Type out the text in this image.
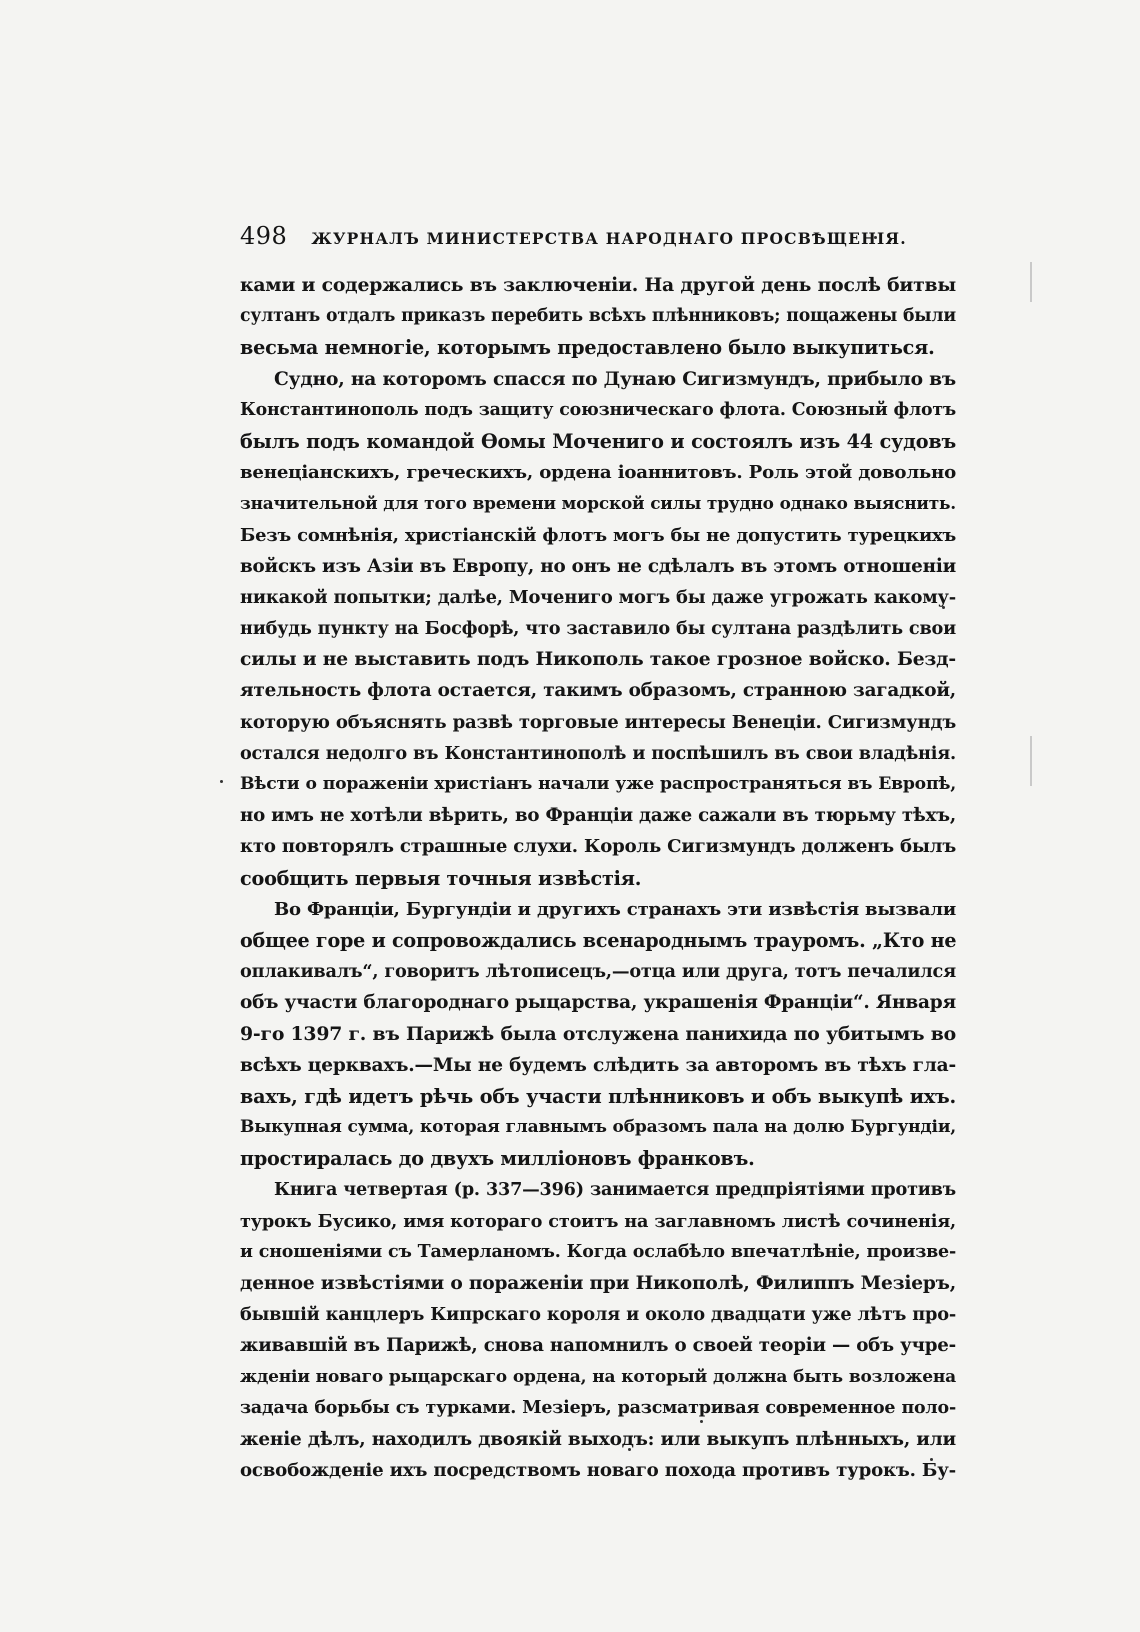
498 ЖУРНАЛЪ МИНИСТЕРСТВА НАРОДНАГО ПРОСВѢЩЕНІЯ.
ками и содержались въ заключеніи. На другой день послѣ битвы
султанъ отдалъ приказъ перебить всѣхъ плѣнниковъ; пощажены были
весьма немногіе, которымъ предоставлено было выкупиться.
Судно, на которомъ спасся по Дунаю Сигизмундъ, прибыло въ
Константинополь подъ защиту союзническаго флота. Союзный флотъ
былъ подъ командой Ѳомы Мочениго и состоялъ изъ 44 судовъ
венеціанскихъ, греческихъ, ордена іоаннитовъ. Роль этой довольно
значительной для того времени морской силы трудно однако выяснить.
Безъ сомнѣнія, христіанскій флотъ могъ бы не допустить турецкихъ
войскъ изъ Азіи въ Европу, но онъ не сдѣлалъ въ этомъ отношеніи
никакой попытки; далѣе, Мочениго могъ бы даже угрожать какому-
нибудь пункту на Босфорѣ, что заставило бы султана раздѣлить свои
силы и не выставить подъ Никополь такое грозное войско. Безд-
ятельность флота остается, такимъ образомъ, странною загадкой,
которую объяснять развѣ торговые интересы Венеціи. Сигизмундъ
остался недолго въ Константинополѣ и поспѣшилъ въ свои владѣнія.
Вѣсти о пораженіи христіанъ начали уже распространяться въ Европѣ,
но имъ не хотѣли вѣрить, во Франціи даже сажали въ тюрьму тѣхъ,
кто повторялъ страшные слухи. Король Сигизмундъ долженъ былъ
сообщить первыя точныя извѣстія.
Во Франціи, Бургундіи и другихъ странахъ эти извѣстія вызвали
общее горе и сопровождались всенароднымъ трауромъ. „Кто не
оплакивалъ“, говоритъ лѣтописецъ,—отца или друга, тотъ печалился
объ участи благороднаго рыцарства, украшенія Франціи“. Января
9-го 1397 г. въ Парижѣ была отслужена панихида по убитымъ во
всѣхъ церквахъ.—Мы не будемъ слѣдить за авторомъ въ тѣхъ гла-
вахъ, гдѣ идетъ рѣчь объ участи плѣнниковъ и объ выкупѣ ихъ.
Выкупная сумма, которая главнымъ образомъ пала на долю Бургундіи,
простиралась до двухъ милліоновъ франковъ.
Книга четвертая (р. 337—396) занимается предпріятіями противъ
турокъ Бусико, имя котораго стоитъ на заглавномъ листѣ сочиненія,
и сношеніями съ Тамерланомъ. Когда ослабѣло впечатлѣніе, произве-
денное извѣстіями о пораженіи при Никополѣ, Филиппъ Мезіеръ,
бывшій канцлеръ Кипрскаго короля и около двадцати уже лѣтъ про-
живавшій въ Парижѣ, снова напомнилъ о своей теоріи — объ учре-
жденіи новаго рыцарскаго ордена, на который должна быть возложена
задача борьбы съ турками. Мезіеръ, разсматривая современное поло-
женіе дѣлъ, находилъ двоякій выходъ: или выкупъ плѣнныхъ, или
освобожденіе ихъ посредствомъ новаго похода противъ турокъ. Бу-
